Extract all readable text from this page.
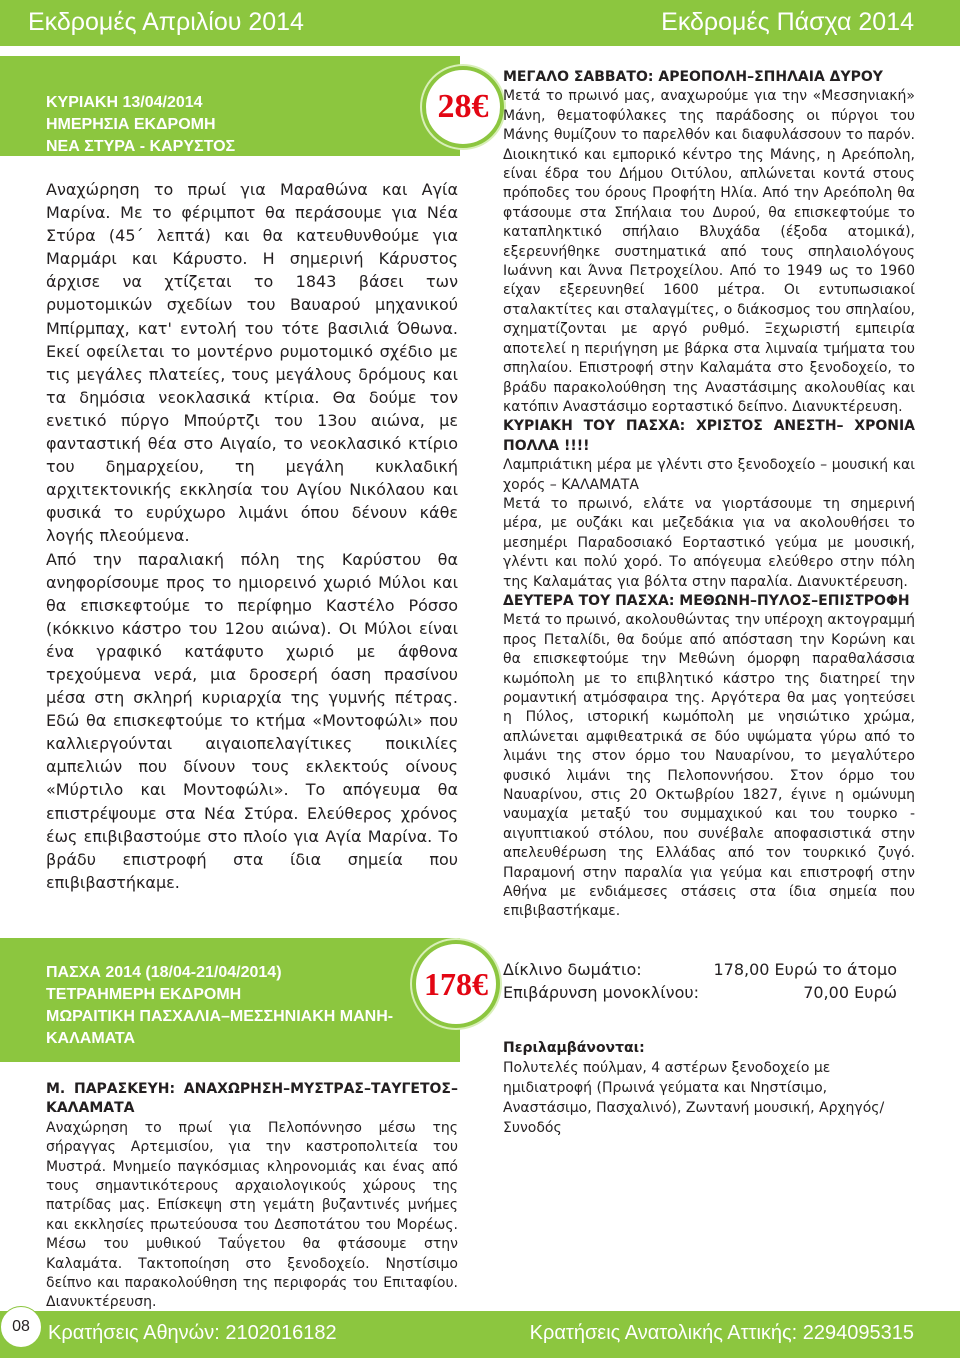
Εκδρομές Απριλίου 2014	Εκδρομές Πάσχα 2014
ΚΥΡΙΑΚΗ 13/04/2014
ΗΜΕΡΗΣΙΑ ΕΚΔΡΟΜΗ
ΝΕΑ ΣΤΥΡΑ - ΚΑΡΥΣΤΟΣ
28€

Αναχώρηση το πρωί για Μαραθώνα και Αγία Μαρίνα. Με το φέριμποτ θα περάσουμε για Νέα Στύρα (45΄ λεπτά) και θα κατευθυνθούμε για Μαρμάρι και Κάρυστο. Η σημερινή Κάρυστος άρχισε να χτίζεται το 1843 βάσει των ρυμοτομικών σχεδίων του Βαυαρού μηχανικού Μπίρμπαχ, κατ' εντολή του τότε βασιλιά Όθωνα. Εκεί οφείλεται το μοντέρνο ρυμοτομικό σχέδιο με τις μεγάλες πλατείες, τους μεγάλους δρόμους και τα δημόσια νεοκλασικά κτίρια. Θα δούμε τον ενετικό πύργο Μπούρτζι του 13ου αιώνα, με φανταστική θέα στο Αιγαίο, το νεοκλασικό κτίριο του δημαρχείου, τη μεγάλη κυκλαδική αρχιτεκτονικής εκκλησία του Αγίου Νικόλαου και φυσικά το ευρύχωρο λιμάνι όπου δένουν κάθε λογής πλεούμενα.

Από την παραλιακή πόλη της Καρύστου θα ανηφορίσουμε προς το ημιορεινό χωριό Μύλοι και θα επισκεφτούμε το περίφημο Καστέλο Ρόσσο (κόκκινο κάστρο του 12ου αιώνα). Οι Μύλοι είναι ένα γραφικό κατάφυτο χωριό με άφθονα τρεχούμενα νερά, μια δροσερή όαση πρασίνου μέσα στη σκληρή κυριαρχία της γυμνής πέτρας. Εδώ θα επισκεφτούμε το κτήμα «Μοντοφώλι» που καλλιεργούνται αιγαιοπελαγίτικες ποικιλίες αμπελιών που δίνουν τους εκλεκτούς οίνους «Μύρτιλο και Μοντοφώλι». Το απόγευμα θα επιστρέψουμε στα Νέα Στύρα. Ελεύθερος χρόνος έως επιβιβαστούμε στο πλοίο για Αγία Μαρίνα. Το βράδυ επιστροφή στα ίδια σημεία που επιβιβαστήκαμε.

ΠΑΣΧΑ 2014 (18/04-21/04/2014)
ΤΕΤΡΑΗΜΕΡΗ ΕΚΔΡΟΜΗ
ΜΩΡΑΙΤΙΚΗ ΠΑΣΧΑΛΙΑ–ΜΕΣΣΗΝΙΑΚΗ ΜΑΝΗ-
ΚΑΛΑΜΑΤΑ
178€

Μ. ΠΑΡΑΣΚΕΥΗ: ΑΝΑΧΩΡΗΣΗ–ΜΥΣΤΡΑΣ–ΤΑΥΓΕΤΟΣ–ΚΑΛΑΜΑΤΑ

Αναχώρηση το πρωί για Πελοπόννησο μέσω της σήραγγας Αρτεμισίου, για την καστροπολιτεία του Μυστρά. Μνημείο παγκόσμιας κληρονομιάς και ένας από τους σημαντικότερους αρχαιολογικούς χώρους της πατρίδας μας. Επίσκεψη στη γεμάτη βυζαντινές μνήμες και εκκλησίες πρωτεύουσα του Δεσποτάτου του Μορέως. Μέσω του μυθικού Ταΰγετου θα φτάσουμε στην Καλαμάτα. Τακτοποίηση στο ξενοδοχείο. Νηστίσιμο δείπνο και παρακολούθηση της περιφοράς του Επιταφίου. Διανυκτέρευση.

ΜΕΓΑΛΟ ΣΑΒΒΑΤΟ: ΑΡΕΟΠΟΛΗ–ΣΠΗΛΑΙΑ ΔΥΡΟΥ

Μετά το πρωινό μας, αναχωρούμε για την «Μεσσηνιακή» Μάνη, θεματοφύλακες της παράδοσης οι πύργοι του Μάνης θυμίζουν το παρελθόν και διαφυλάσσουν το παρόν. Διοικητικό και εμπορικό κέντρο της Μάνης, η Αρεόπολη, είναι έδρα του Δήμου Οιτύλου, απλώνεται κοντά στους πρόποδες του όρους Προφήτη Ηλία. Από την Αρεόπολη θα φτάσουμε στα Σπήλαια του Δυρού, θα επισκεφτούμε το καταπληκτικό σπήλαιο Βλυχάδα (έξοδα ατομικά), εξερευνήθηκε συστηματικά από τους σπηλαιολόγους Ιωάννη και Άννα Πετροχείλου. Από το 1949 ως το 1960 είχαν εξερευνηθεί 1600 μέτρα. Οι εντυπωσιακοί σταλακτίτες και σταλαγμίτες, ο διάκοσμος του σπηλαίου, σχηματίζονται με αργό ρυθμό. Ξεχωριστή εμπειρία αποτελεί η περιήγηση με βάρκα στα λιμναία τμήματα του σπηλαίου. Επιστροφή στην Καλαμάτα στο ξενοδοχείο, το βράδυ παρακολούθηση της Αναστάσιμης ακολουθίας και κατόπιν Αναστάσιμο εορταστικό δείπνο. Διανυκτέρευση.

ΚΥΡΙΑΚΗ ΤΟΥ ΠΑΣΧΑ: ΧΡΙΣΤΟΣ ΑΝΕΣΤΗ– ΧΡΟΝΙΑ ΠΟΛΛΑ !!!!

Λαμπριάτικη μέρα με γλέντι στο ξενοδοχείο – μουσική και χορός – ΚΑΛΑΜΑΤΑ

Μετά το πρωινό, ελάτε να γιορτάσουμε τη σημερινή μέρα, με ουζάκι και μεζεδάκια για να ακολουθήσει το μεσημέρι Παραδοσιακό Εορταστικό γεύμα με μουσική, γλέντι και πολύ χορό. Το απόγευμα ελεύθερο στην πόλη της Καλαμάτας για βόλτα στην παραλία. Διανυκτέρευση.

ΔΕΥΤΕΡΑ ΤΟΥ ΠΑΣΧΑ: ΜΕΘΩΝΗ–ΠΥΛΟΣ–ΕΠΙΣΤΡΟΦΗ

Μετά το πρωινό, ακολουθώντας την υπέροχη ακτογραμμή προς Πεταλίδι, θα δούμε από απόσταση την Κορώνη και θα επισκεφτούμε την Μεθώνη όμορφη παραθαλάσσια κωμόπολη με το επιβλητικό κάστρο της διατηρεί την ρομαντική ατμόσφαιρα της. Αργότερα θα μας γοητεύσει η Πύλος, ιστορική κωμόπολη με νησιώτικο χρώμα, απλώνεται αμφιθεατρικά σε δύο υψώματα γύρω από το λιμάνι της στον όρμο του Ναυαρίνου, το μεγαλύτερο φυσικό λιμάνι της Πελοποννήσου. Στον όρμο του Ναυαρίνου, στις 20 Οκτωβρίου 1827, έγινε η ομώνυμη ναυμαχία μεταξύ του συμμαχικού και του τουρκο - αιγυπτιακού στόλου, που συνέβαλε αποφασιστικά στην απελευθέρωση της Ελλάδας από τον τουρκικό ζυγό. Παραμονή στην παραλία για γεύμα και επιστροφή στην Αθήνα με ενδιάμεσες στάσεις στα ίδια σημεία που επιβιβαστήκαμε.

Δίκλινο δωμάτιο:	178,00 Ευρώ το άτομο
Επιβάρυνση μονοκλίνου:	70,00 Ευρώ

Περιλαμβάνονται:

Πολυτελές πούλμαν, 4 αστέρων ξενοδοχείο με ημιδιατροφή (Πρωινά γεύματα και Νηστίσιμο, Αναστάσιμο, Πασχαλινό), Ζωντανή μουσική, Αρχηγός/Συνοδός

08 Κρατήσεις Αθηνών: 2102016182	Κρατήσεις Ανατολικής Αττικής: 2294095315
